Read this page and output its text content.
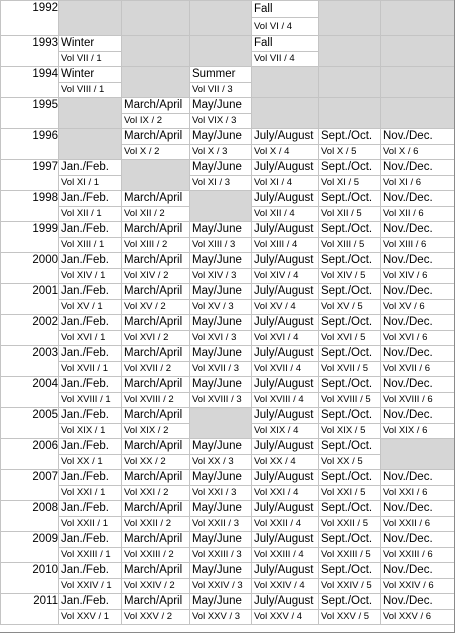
1992				Fall		
				Vol VI / 4		
1993	Winter			Fall		
	Vol VII / 1			Vol VII / 4		
1994	Winter		Summer			
	Vol VIII / 1		Vol VII / 3			
1995		March/April	May/June			
		Vol IX / 2	Vol VIX / 3			
1996		March/April	May/June	July/August	Sept./Oct.	Nov./Dec.
		Vol X / 2	Vol X / 3	Vol X / 4	Vol X / 5	Vol X / 6
1997	Jan./Feb.		May/June	July/August	Sept./Oct.	Nov./Dec.
	Vol XI / 1		Vol XI / 3	Vol XI / 4	Vol XI / 5	Vol XI / 6
1998	Jan./Feb.	March/April		July/August	Sept./Oct.	Nov./Dec.
	Vol XII / 1	Vol XII / 2		Vol XII / 4	Vol XII / 5	Vol XII / 6
1999	Jan./Feb.	March/April	May/June	July/August	Sept./Oct.	Nov./Dec.
	Vol XIII / 1	Vol XIII / 2	Vol XIII / 3	Vol XIII / 4	Vol XIII / 5	Vol XIII / 6
2000	Jan./Feb.	March/April	May/June	July/August	Sept./Oct.	Nov./Dec.
	Vol XIV / 1	Vol XIV / 2	Vol XIV / 3	Vol XIV / 4	Vol XIV / 5	Vol XIV / 6
2001	Jan./Feb.	March/April	May/June	July/August	Sept./Oct.	Nov./Dec.
	Vol XV / 1	Vol XV / 2	Vol XV / 3	Vol XV / 4	Vol XV / 5	Vol XV / 6
2002	Jan./Feb.	March/April	May/June	July/August	Sept./Oct.	Nov./Dec.
	Vol XVI / 1	Vol XVI / 2	Vol XVI / 3	Vol XVI / 4	Vol XVI / 5	Vol XVI / 6
2003	Jan./Feb.	March/April	May/June	July/August	Sept./Oct.	Nov./Dec.
	Vol XVII / 1	Vol XVII / 2	Vol XVII / 3	Vol XVII / 4	Vol XVII / 5	Vol XVII / 6
2004	Jan./Feb.	March/April	May/June	July/August	Sept./Oct.	Nov./Dec.
	Vol XVIII / 1	Vol XVIII / 2	Vol XVIII / 3	Vol XVIII / 4	Vol XVIII / 5	Vol XVIII / 6
2005	Jan./Feb.	March/April		July/August	Sept./Oct.	Nov./Dec.
	Vol XIX / 1	Vol XIX / 2		Vol XIX / 4	Vol XIX / 5	Vol XIX / 6
2006	Jan./Feb.	March/April	May/June	July/August	Sept./Oct.	
	Vol XX / 1	Vol XX / 2	Vol XX / 3	Vol XX / 4	Vol XX / 5	
2007	Jan./Feb.	March/April	May/June	July/August	Sept./Oct.	Nov./Dec.
	Vol XXI / 1	Vol XXI / 2	Vol XXI / 3	Vol XXI / 4	Vol XXI / 5	Vol XXI / 6
2008	Jan./Feb.	March/April	May/June	July/August	Sept./Oct.	Nov./Dec.
	Vol XXII / 1	Vol XXII / 2	Vol XXII / 3	Vol XXII / 4	Vol XXII / 5	Vol XXII / 6
2009	Jan./Feb.	March/April	May/June	July/August	Sept./Oct.	Nov./Dec.
	Vol XXIII / 1	Vol XXIII / 2	Vol XXIII / 3	Vol XXIII / 4	Vol XXIII / 5	Vol XXIII / 6
2010	Jan./Feb.	March/April	May/June	July/August	Sept./Oct.	Nov./Dec.
	Vol XXIV / 1	Vol XXIV / 2	Vol XXIV / 3	Vol XXIV / 4	Vol XXIV / 5	Vol XXIV / 6
2011	Jan./Feb.	March/April	May/June	July/August	Sept./Oct.	Nov./Dec.
	Vol XXV / 1	Vol XXV / 2	Vol XXV / 3	Vol XXV / 4	Vol XXV / 5	Vol XXV / 6
